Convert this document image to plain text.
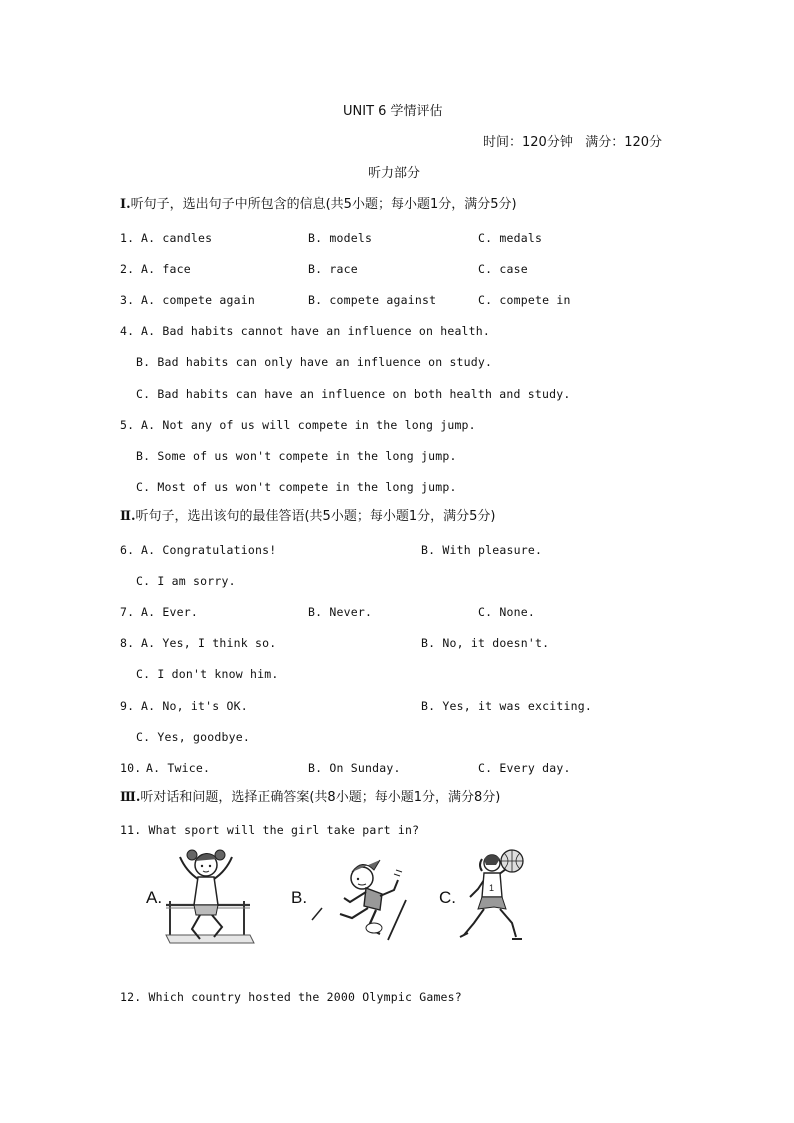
UNIT 6 学情评估
时间：120分钟   满分：120分
听力部分
Ⅰ.听句子，选出句子中所包含的信息(共5小题；每小题1分，满分5分)
1. A. candles	B. models	C. medals
2. A. face	B. race	C. case
3. A. compete again	B. compete against	C. compete in
4. A. Bad habits cannot have an influence on health.
B. Bad habits can only have an influence on study.
C. Bad habits can have an influence on both health and study.
5. A. Not any of us will compete in the long jump.
B. Some of us won't compete in the long jump.
C. Most of us won't compete in the long jump.
Ⅱ.听句子，选出该句的最佳答语(共5小题；每小题1分，满分5分)
6. A. Congratulations!	B. With pleasure.
C. I am sorry.
7. A. Ever.	B. Never.	C. None.
8. A. Yes, I think so.	B. No, it doesn't.
C. I don't know him.
9. A. No, it's OK.	B. Yes, it was exciting.
C. Yes, goodbye.
10. A. Twice.	B. On Sunday.	C. Every day.
Ⅲ.听对话和问题，选择正确答案(共8小题；每小题1分，满分8分)
11. What sport will the girl take part in?
A.	B.	C.	1
12. Which country hosted the 2000 Olympic Games?
